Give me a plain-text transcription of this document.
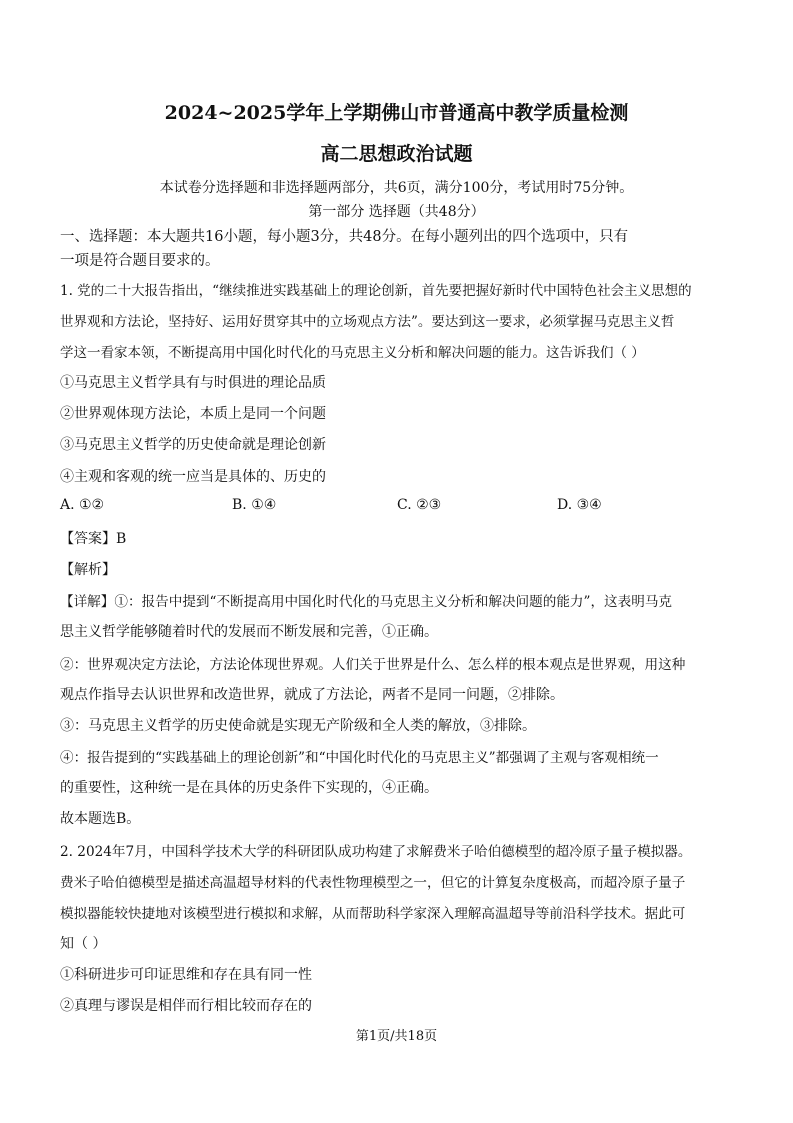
2024~2025学年上学期佛山市普通高中教学质量检测
高二思想政治试题
本试卷分选择题和非选择题两部分，共6页，满分100分，考试用时75分钟。
第一部分 选择题（共48分）
一、选择题：本大题共16小题，每小题3分，共48分。在每小题列出的四个选项中，只有
一项是符合题目要求的。
1. 党的二十大报告指出，“继续推进实践基础上的理论创新，首先要把握好新时代中国特色社会主义思想的
世界观和方法论，坚持好、运用好贯穿其中的立场观点方法”。要达到这一要求，必须掌握马克思主义哲
学这一看家本领，不断提高用中国化时代化的马克思主义分析和解决问题的能力。这告诉我们（ ）
①马克思主义哲学具有与时俱进的理论品质
②世界观体现方法论，本质上是同一个问题
③马克思主义哲学的历史使命就是理论创新
④主观和客观的统一应当是具体的、历史的
A. ①②	B. ①④	C. ②③	D. ③④
【答案】B
【解析】
【详解】①：报告中提到“不断提高用中国化时代化的马克思主义分析和解决问题的能力”，这表明马克
思主义哲学能够随着时代的发展而不断发展和完善，①正确。
②：世界观决定方法论，方法论体现世界观。人们关于世界是什么、怎么样的根本观点是世界观，用这种
观点作指导去认识世界和改造世界，就成了方法论，两者不是同一问题，②排除。
③：马克思主义哲学的历史使命就是实现无产阶级和全人类的解放，③排除。
④：报告提到的“实践基础上的理论创新”和“中国化时代化的马克思主义”都强调了主观与客观相统一
的重要性，这种统一是在具体的历史条件下实现的，④正确。
故本题选B。
2. 2024年7月，中国科学技术大学的科研团队成功构建了求解费米子哈伯德模型的超冷原子量子模拟器。
费米子哈伯德模型是描述高温超导材料的代表性物理模型之一，但它的计算复杂度极高，而超冷原子量子
模拟器能较快捷地对该模型进行模拟和求解，从而帮助科学家深入理解高温超导等前沿科学技术。据此可
知（ ）
①科研进步可印证思维和存在具有同一性
②真理与谬误是相伴而行相比较而存在的
第1页/共18页
